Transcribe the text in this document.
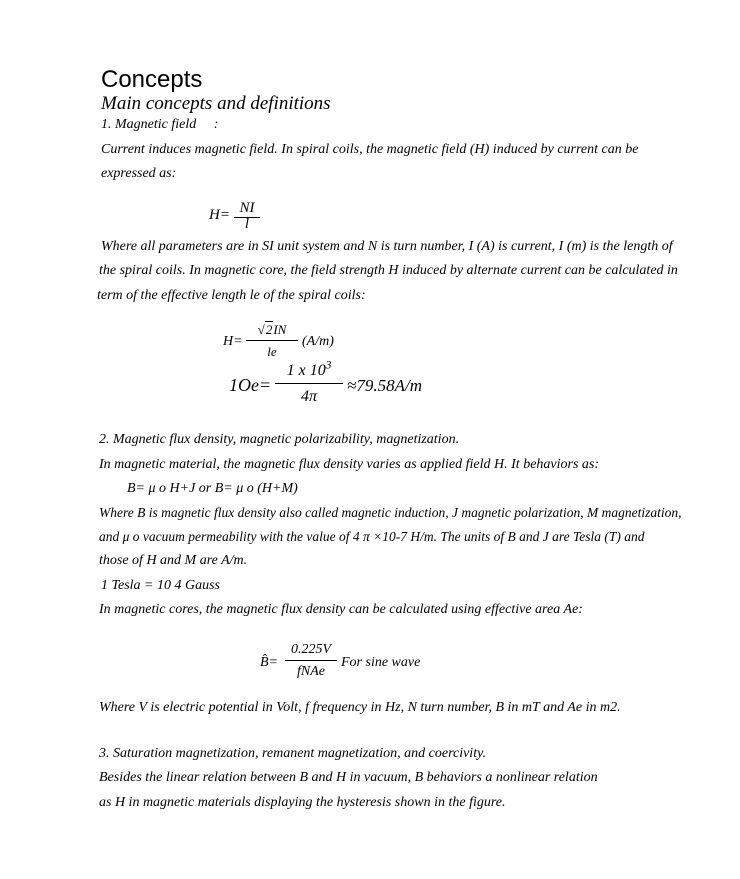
Concepts
Main concepts and definitions
1. Magnetic field :
Current induces magnetic field. In spiral coils, the magnetic field (H) induced by current can be
expressed as:
H= NI
l
Where all parameters are in SI unit system and N is turn number, I (A) is current, I (m) is the length of
the spiral coils. In magnetic core, the field strength H induced by alternate current can be calculated in
term of the effective length le of the spiral coils:
H=
√2IN
le
(A/m)
1Oe=
1 x $10^3$
4π
≈79.58A/m
2. Magnetic flux density, magnetic polarizability, magnetization.
In magnetic material, the magnetic flux density varies as applied field H. It behaviors as:
B= μ o H+J or B= μ o (H+M)
Where B is magnetic flux density also called magnetic induction, J magnetic polarization, M magnetization,
and μ o vacuum permeability with the value of 4 π ×10-7 H/m. The units of B and J are Tesla (T) and
those of H and M are A/m.
1 Tesla = 10 4 Gauss
In magnetic cores, the magnetic flux density can be calculated using effective area Ae:
B̂=
0.225V
fNAe
For sine wave
Where V is electric potential in Volt, f frequency in Hz, N turn number, B in mT and Ae in m2.
3. Saturation magnetization, remanent magnetization, and coercivity.
Besides the linear relation between B and H in vacuum, B behaviors a nonlinear relation
as H in magnetic materials displaying the hysteresis shown in the figure.
